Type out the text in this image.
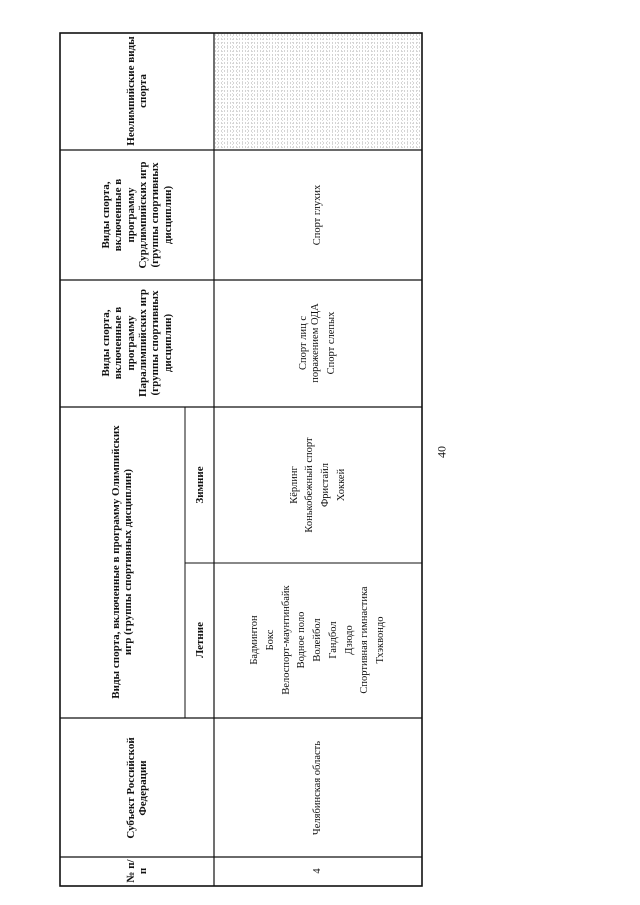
40
№ п/п
Субъект Российской Федерации
Виды спорта, включенные в программу Олимпийских игр (группы спортивных дисциплин)	Летние
Зимние
Виды спорта, включенные в программу Паралимпийских игр (группы спортивных дисциплин)
Виды спорта, включенные в программу Сурдлимпийских игр (группы спортивных дисциплин)
Неолимпийские виды спорта
4
Челябинская область
Бадминтон Бокс Велоспорт-маунтинбайк Водное поло Волейбол Гандбол Дзюдо Спортивная гимнастика Тхэквондо
Кёрлинг Конькобежный спорт Фристайл Хоккей
Спорт лиц с поражением ОДА Спорт слепых
Спорт глухих
